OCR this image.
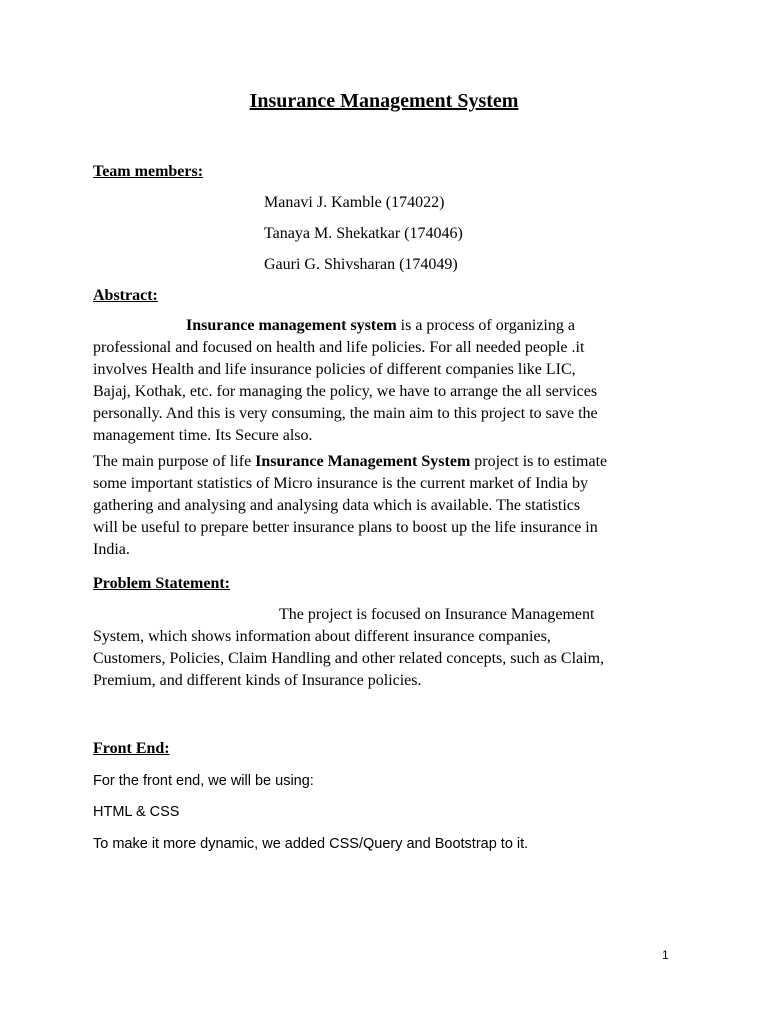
Insurance Management System
Team members:
Manavi J. Kamble (174022)
Tanaya M. Shekatkar (174046)
Gauri G. Shivsharan (174049)
Abstract:
Insurance management system is a process of organizing a
professional and focused on health and life policies. For all needed people .it
involves Health and life insurance policies of different companies like LIC,
Bajaj, Kothak, etc. for managing the policy, we have to arrange the all services
personally. And this is very consuming, the main aim to this project to save the
management time. Its Secure also.
The main purpose of life Insurance Management System project is to estimate
some important statistics of Micro insurance is the current market of India by
gathering and analysing and analysing data which is available. The statistics
will be useful to prepare better insurance plans to boost up the life insurance in
India.
Problem Statement:
The project is focused on Insurance Management
System, which shows information about different insurance companies,
Customers, Policies, Claim Handling and other related concepts, such as Claim,
Premium, and different kinds of Insurance policies.
Front End:
For the front end, we will be using:
HTML & CSS
To make it more dynamic, we added CSS/Query and Bootstrap to it.
1
